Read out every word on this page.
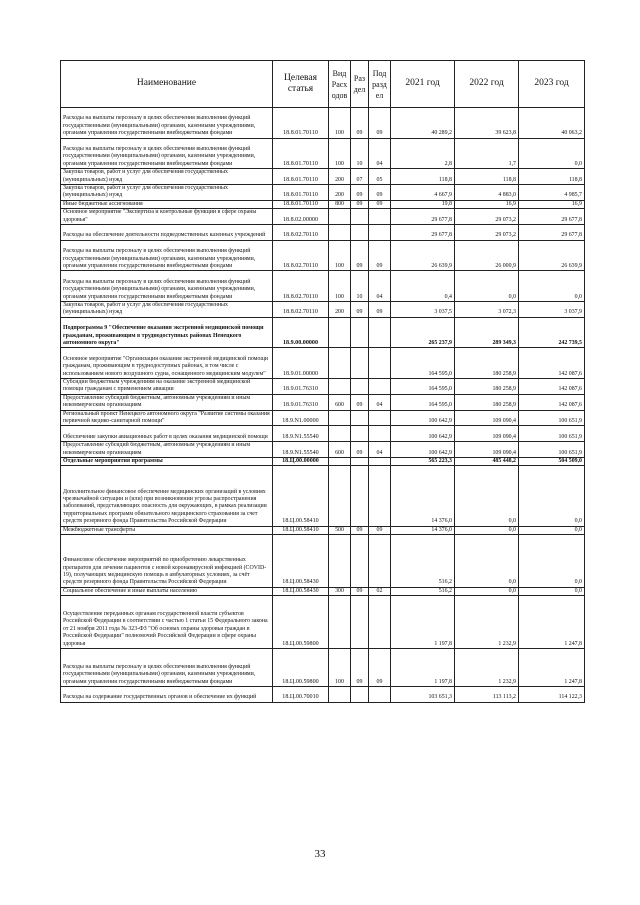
Наименование	Целевая статья	Вид Расходов	Раздел	Подраздел	2021 год	2022 год	2023 год
Расходы на выплаты персоналу в целях обеспечения выполнения функций государственными (муниципальными) органами, казенными учреждениями, органами управления государственными внебюджетными фондами	18.8.01.70110	100	09	09	40 289,2	39 623,8	40 063,2
Расходы на выплаты персоналу в целях обеспечения выполнения функций государственными (муниципальными) органами, казенными учреждениями, органами управления государственными внебюджетными фондами	18.8.01.70110	100	10	04	2,8	1,7	0,0
Закупка товаров, работ и услуг для обеспечения государственных (муниципальных) нужд	18.8.01.70110	200	07	05	118,8	118,8	118,8
Закупка товаров, работ и услуг для обеспечения государственных (муниципальных) нужд	18.8.01.70110	200	09	09	4 667,9	4 883,0	4 985,7
Иные бюджетные ассигнования	18.8.01.70110	800	09	09	19,8	16,9	16,9
Основное мероприятие "Экспертиза и контрольные функции в сфере охраны здоровья"	18.8.02.00000				29 677,8	29 073,2	29 677,8
Расходы на обеспечение деятельности подведомственных казенных учреждений	18.8.02.70110				29 677,8	29 073,2	29 677,8
Расходы на выплаты персоналу в целях обеспечения выполнения функций государственными (муниципальными) органами, казенными учреждениями, органами управления государственными внебюджетными фондами	18.8.02.70110	100	09	09	26 639,9	26 000,9	26 639,9
Расходы на выплаты персоналу в целях обеспечения выполнения функций государственными (муниципальными) органами, казенными учреждениями, органами управления государственными внебюджетными фондами	18.8.02.70110	100	10	04	0,4	0,0	0,0
Закупка товаров, работ и услуг для обеспечения государственных (муниципальных) нужд	18.8.02.70110	200	09	09	3 037,5	3 072,3	3 037,9
Подпрограмма 9 "Обеспечение оказания экстренной медицинской помощи гражданам, проживающим в труднодоступных районах Ненецкого автономного округа"	18.9.00.00000				265 237,9	289 349,3	242 739,5
Основное мероприятие "Организация оказания экстренной медицинской помощи гражданам, проживающим в труднодоступных районах, в том числе с использованием нового воздушного судна, оснащенного медицинским модулем"	18.9.01.00000				164 595,0	180 258,9	142 087,6
Субсидии бюджетным учреждениям на оказание экстренной медицинской помощи гражданам с применением авиации	18.9.01.76310				164 595,0	180 258,9	142 087,6
Предоставление субсидий бюджетным, автономным учреждениям и иным некоммерческим организациям	18.9.01.76310	600	09	04	164 595,0	180 258,9	142 087,6
Региональный проект Ненецкого автономного округа "Развитие системы оказания первичной медико-санитарной помощи"	18.9.N1.00000				100 642,9	109 090,4	100 651,9
Обеспечение закупки авиационных работ в целях оказания медицинской помощи	18.9.N1.55540				100 642,9	109 090,4	100 651,9
Предоставление субсидий бюджетным, автономным учреждениям и иным некоммерческим организациям	18.9.N1.55540	600	09	04	100 642,9	109 090,4	100 651,9
Отдельные мероприятия программы	18.Ц.00.00000				565 223,3	485 448,2	504 509,0
Дополнительное финансовое обеспечение медицинских организаций в условиях чрезвычайной ситуации и (или) при возникновении угрозы распространения заболеваний, представляющих опасность для окружающих, в рамках реализации территориальных программ обязательного медицинского страхования за счет средств резервного фонда Правительства Российской Федерации	18.Ц.00.58410				14 376,0	0,0	0,0
Межбюджетные трансферты	18.Ц.00.58410	500	09	09	14 376,0	0,0	0,0
Финансовое обеспечение мероприятий по приобретению лекарственных препаратов для лечения пациентов с новой коронавирусной инфекцией (COVID-19), получающих медицинскую помощь в амбулаторных условиях, за счёт средств резервного фонда Правительства Российской Федерации	18.Ц.00.58430				516,2	0,0	0,0
Социальное обеспечение и иные выплаты населению	18.Ц.00.58430	300	09	02	516,2	0,0	0,0
Осуществление переданных органам государственной власти субъектов Российской Федерации в соответствии с частью 1 статьи 15 Федерального закона от 21 ноября 2011 года № 323-ФЗ "Об основах охраны здоровья граждан в Российской Федерации" полномочий Российской Федерации в сфере охраны здоровья	18.Ц.00.59800				1 197,8	1 232,9	1 247,8
Расходы на выплаты персоналу в целях обеспечения выполнения функций государственными (муниципальными) органами, казенными учреждениями, органами управления государственными внебюджетными фондами	18.Ц.00.59800	100	09	09	1 197,8	1 232,9	1 247,8
Расходы на содержание государственных органов и обеспечение их функций	18.Ц.00.70010				103 651,3	113 113,2	114 122,3
33
